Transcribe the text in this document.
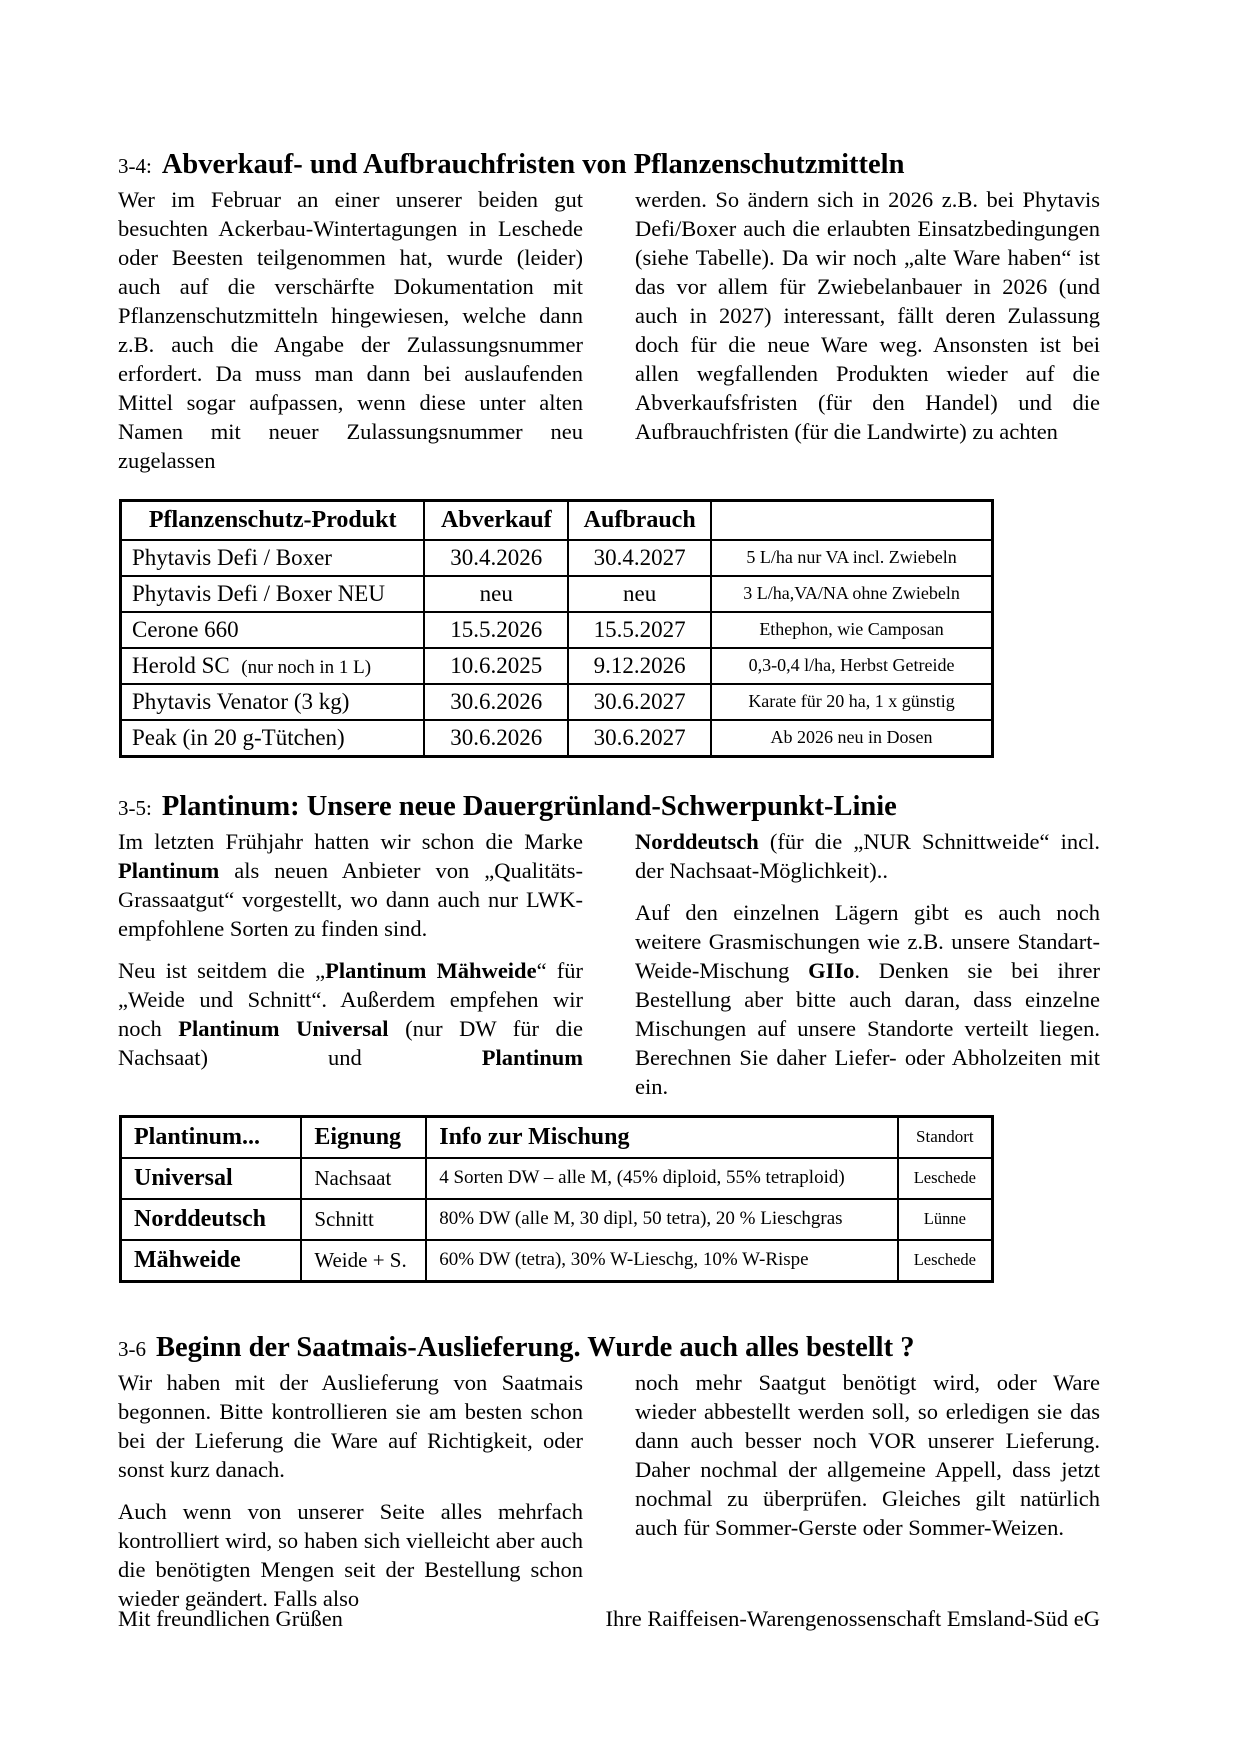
3-4: Abverkauf- und Aufbrauchfristen von Pflanzenschutzmitteln

Wer im Februar an einer unserer beiden gut besuchten Ackerbau-Wintertagungen in Leschede oder Beesten teilgenommen hat, wurde (leider) auch auf die verschärfte Dokumentation mit Pflanzenschutzmitteln hingewiesen, welche dann z.B. auch die Angabe der Zulassungsnummer erfordert. Da muss man dann bei auslaufenden Mittel sogar aufpassen, wenn diese unter alten Namen mit neuer Zulassungsnummer neu zugelassen

werden. So ändern sich in 2026 z.B. bei Phytavis Defi/Boxer auch die erlaubten Einsatzbedingungen (siehe Tabelle). Da wir noch „alte Ware haben“ ist das vor allem für Zwiebelanbauer in 2026 (und auch in 2027) interessant, fällt deren Zulassung doch für die neue Ware weg. Ansonsten ist bei allen wegfallenden Produkten wieder auf die Abverkaufsfristen (für den Handel) und die Aufbrauchfristen (für die Landwirte) zu achten

Pflanzenschutz-Produkt	Abverkauf	Aufbrauch	
Phytavis Defi / Boxer	30.4.2026	30.4.2027	5 L/ha nur VA incl. Zwiebeln
Phytavis Defi / Boxer NEU	neu	neu	3 L/ha,VA/NA ohne Zwiebeln
Cerone 660	15.5.2026	15.5.2027	Ethephon, wie Camposan
Herold SC (nur noch in 1 L)	10.6.2025	9.12.2026	0,3-0,4 l/ha, Herbst Getreide
Phytavis Venator (3 kg)	30.6.2026	30.6.2027	Karate für 20 ha, 1 x günstig
Peak (in 20 g-Tütchen)	30.6.2026	30.6.2027	Ab 2026 neu in Dosen
3-5: Plantinum: Unsere neue Dauergrünland-Schwerpunkt-Linie

Im letzten Frühjahr hatten wir schon die Marke Plantinum als neuen Anbieter von „Qualitäts-Grassaatgut“ vorgestellt, wo dann auch nur LWK-empfohlene Sorten zu finden sind.

Neu ist seitdem die „Plantinum Mähweide“ für „Weide und Schnitt“. Außerdem empfehen wir noch Plantinum Universal (nur DW für die Nachsaat) und Plantinum

Norddeutsch (für die „NUR Schnittweide“ incl. der Nachsaat-Möglichkeit)..

Auf den einzelnen Lägern gibt es auch noch weitere Grasmischungen wie z.B. unsere Standart-Weide-Mischung GIIo. Denken sie bei ihrer Bestellung aber bitte auch daran, dass einzelne Mischungen auf unsere Standorte verteilt liegen. Berechnen Sie daher Liefer- oder Abholzeiten mit ein.

Plantinum...	Eignung	Info zur Mischung	Standort
Universal	Nachsaat	4 Sorten DW – alle M, (45% diploid, 55% tetraploid)	Leschede
Norddeutsch	Schnitt	80% DW (alle M, 30 dipl, 50 tetra), 20 % Lieschgras	Lünne
Mähweide	Weide + S.	60% DW (tetra), 30% W-Lieschg, 10% W-Rispe	Leschede
3-6 Beginn der Saatmais-Auslieferung. Wurde auch alles bestellt ?

Wir haben mit der Auslieferung von Saatmais begonnen. Bitte kontrollieren sie am besten schon bei der Lieferung die Ware auf Richtigkeit, oder sonst kurz danach.

Auch wenn von unserer Seite alles mehrfach kontrolliert wird, so haben sich vielleicht aber auch die benötigten Mengen seit der Bestellung schon wieder geändert. Falls also

noch mehr Saatgut benötigt wird, oder Ware wieder abbestellt werden soll, so erledigen sie das dann auch besser noch VOR unserer Lieferung. Daher nochmal der allgemeine Appell, dass jetzt nochmal zu überprüfen. Gleiches gilt natürlich auch für Sommer-Gerste oder Sommer-Weizen.

Mit freundlichen Grüßen	Ihre Raiffeisen-Warengenossenschaft Emsland-Süd eG
